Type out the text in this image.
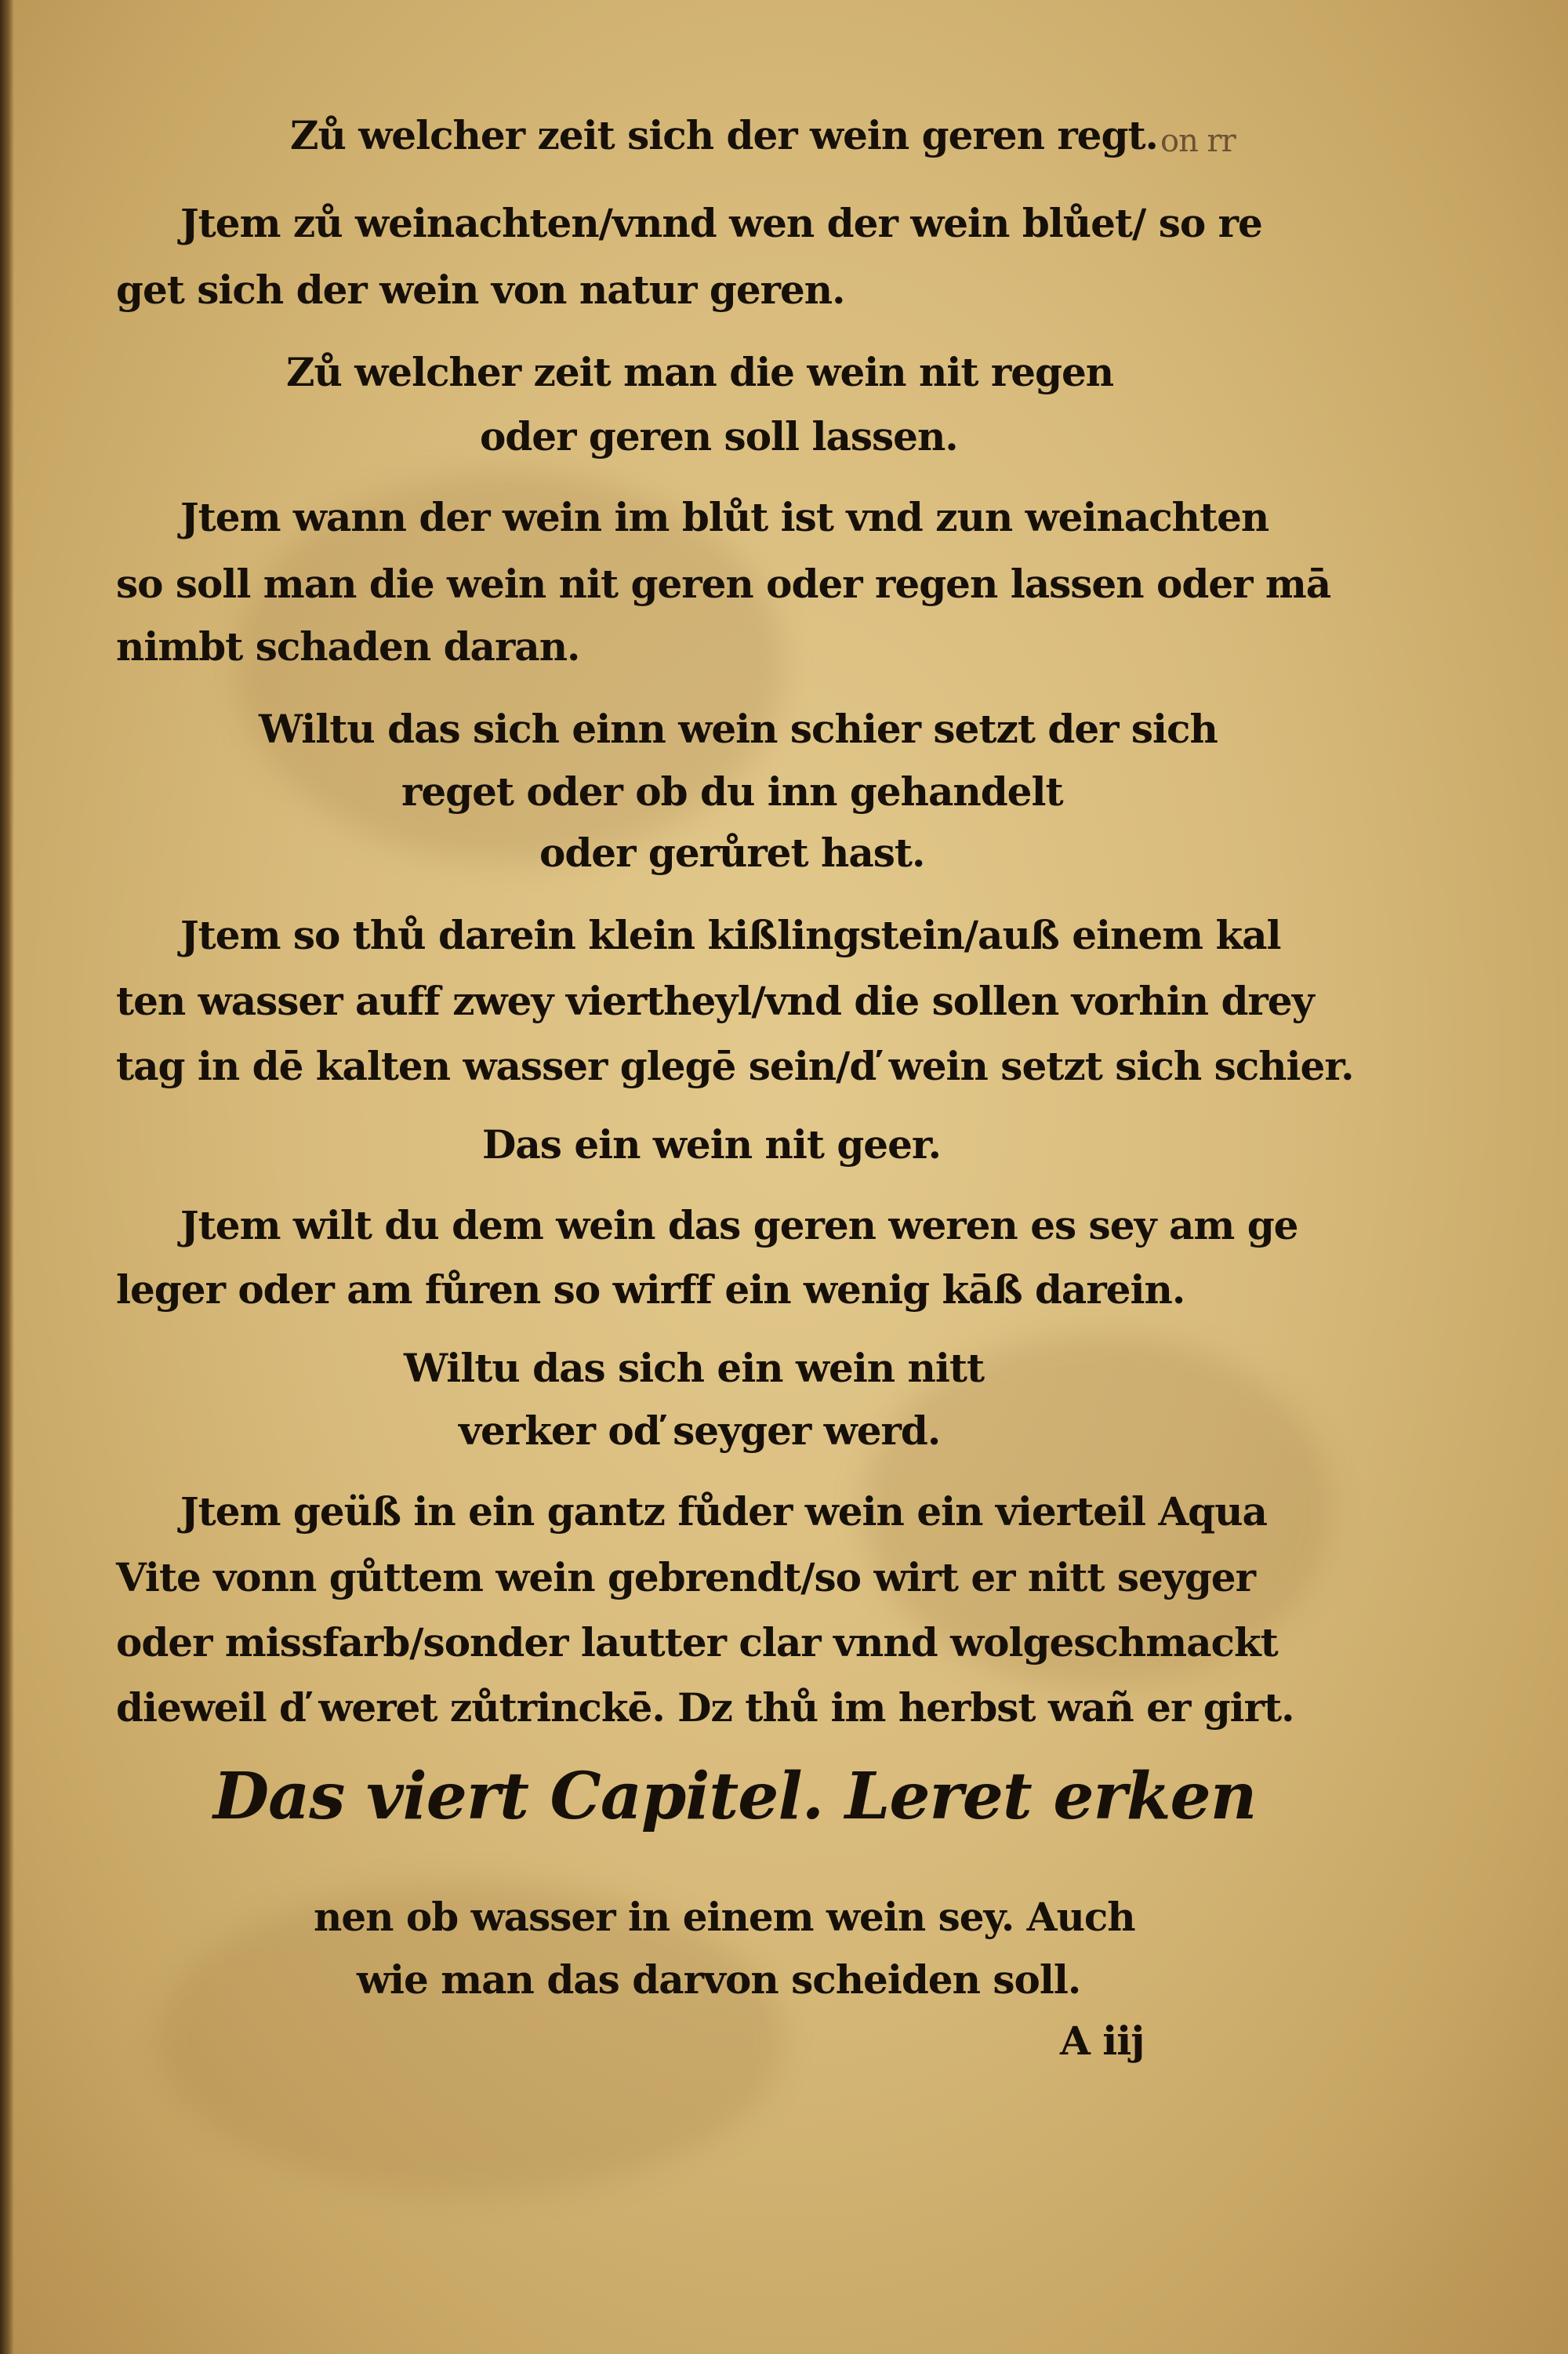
Zů welcher zeit sich der wein geren regt. on rr
Jtem zů weinachten/vnnd wen der wein blůet/ so re
get sich der wein von natur geren.
Zů welcher zeit man die wein nit regen
oder geren soll lassen.
Jtem wann der wein im blůt ist vnd zun weinachten
so soll man die wein nit geren oder regen lassen oder mā
nimbt schaden daran.
Wiltu das sich einn wein schier setzt der sich
reget oder ob du inn gehandelt
oder gerůret hast.
Jtem so thů darein klein kißlingstein/auß einem kal
ten wasser auff zwey viertheyl/vnd die sollen vorhin drey
tag in dē kalten wasser glegē sein/ď wein setzt sich schier.
Das ein wein nit geer.
Jtem wilt du dem wein das geren weren es sey am ge
leger oder am fůren so wirff ein wenig kāß darein.
Wiltu das sich ein wein nitt
verker oď seyger werd.
Jtem geüß in ein gantz fůder wein ein vierteil Aqua
Vite vonn gůttem wein gebrendt/so wirt er nitt seyger
oder missfarb/sonder lautter clar vnnd wolgeschmackt
dieweil ď weret zůtrinckē. Dz thů im herbst wañ er girt.
Das viert Capitel. Leret erken
nen ob wasser in einem wein sey. Auch
wie man das darvon scheiden soll.
A iij
